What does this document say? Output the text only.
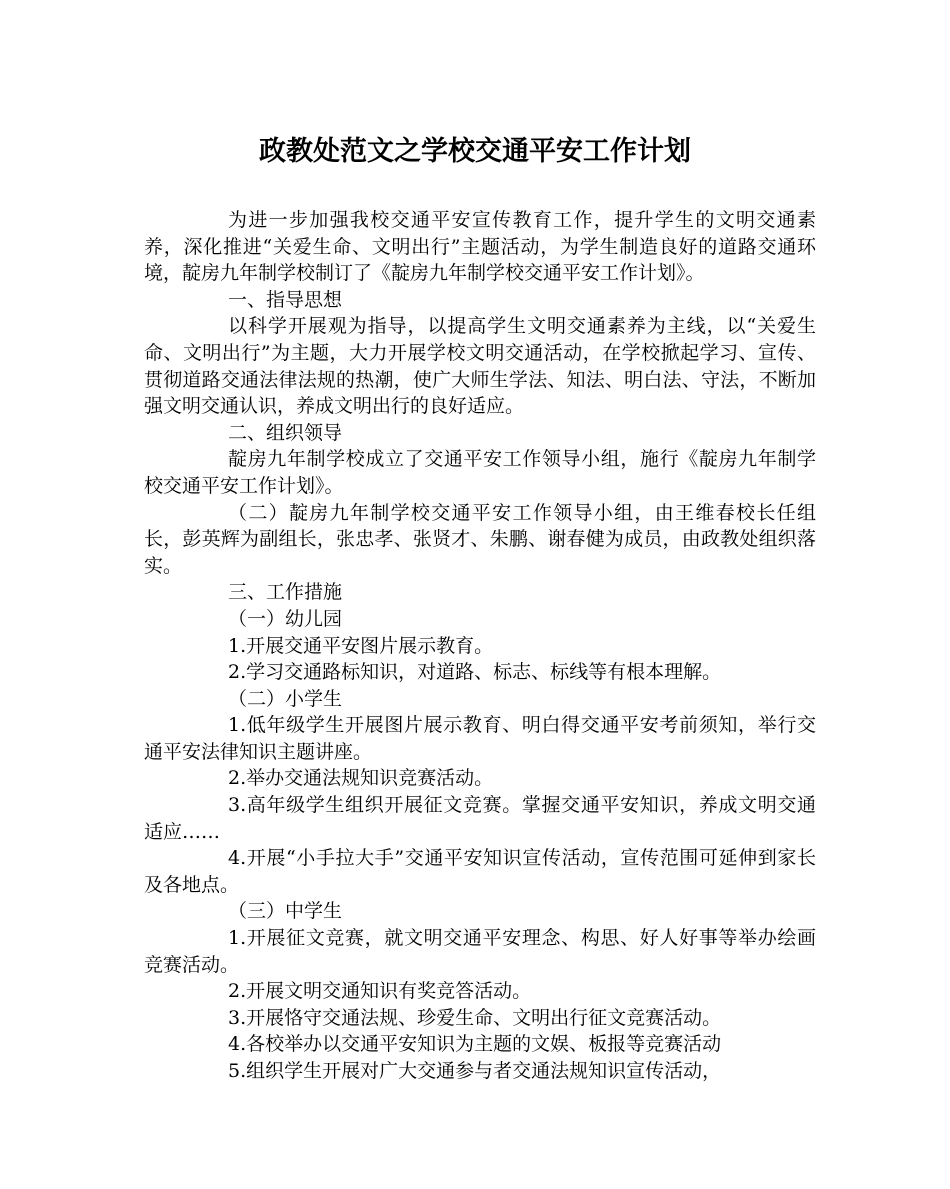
政教处范文之学校交通平安工作计划

为进一步加强我校交通平安宣传教育工作，提升学生的文明交通素养，深化推进“关爱生命、文明出行”主题活动，为学生制造良好的道路交通环境，靛房九年制学校制订了《靛房九年制学校交通平安工作计划》。

一、指导思想

以科学开展观为指导，以提高学生文明交通素养为主线，以“关爱生命、文明出行”为主题，大力开展学校文明交通活动，在学校掀起学习、宣传、贯彻道路交通法律法规的热潮，使广大师生学法、知法、明白法、守法，不断加强文明交通认识，养成文明出行的良好适应。

二、组织领导

靛房九年制学校成立了交通平安工作领导小组，施行《靛房九年制学校交通平安工作计划》。

（二）靛房九年制学校交通平安工作领导小组，由王维春校长任组长，彭英辉为副组长，张忠孝、张贤才、朱鹏、谢春健为成员，由政教处组织落实。

三、工作措施

（一）幼儿园

1.开展交通平安图片展示教育。

2.学习交通路标知识，对道路、标志、标线等有根本理解。

（二）小学生

1.低年级学生开展图片展示教育、明白得交通平安考前须知，举行交通平安法律知识主题讲座。

2.举办交通法规知识竞赛活动。

3.高年级学生组织开展征文竞赛。掌握交通平安知识，养成文明交通适应……

4.开展“小手拉大手”交通平安知识宣传活动，宣传范围可延伸到家长及各地点。

（三）中学生

1.开展征文竞赛，就文明交通平安理念、构思、好人好事等举办绘画竞赛活动。

2.开展文明交通知识有奖竞答活动。

3.开展恪守交通法规、珍爱生命、文明出行征文竞赛活动。

4.各校举办以交通平安知识为主题的文娱、板报等竞赛活动

5.组织学生开展对广大交通参与者交通法规知识宣传活动，
